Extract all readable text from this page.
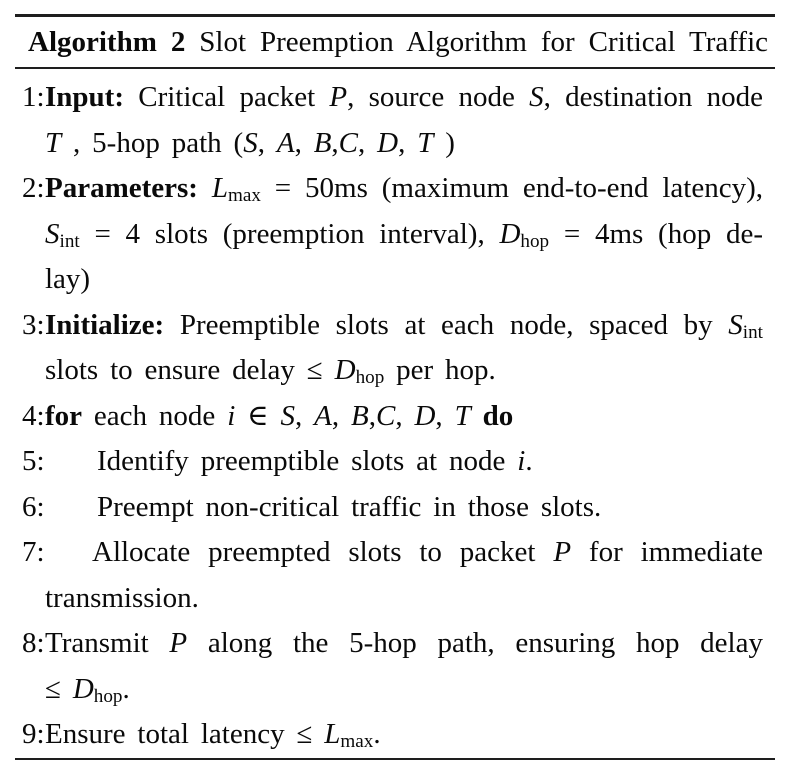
Algorithm 2 Slot Preemption Algorithm for Critical Traffic
1: Input: Critical packet P, source node S, destination node
T , 5-hop path (S, A, B,C, D, T )
2: Parameters: $L_{max} = 50ms$ (maximum end-to-end latency),
$S_{int} = 4$ slots (preemption interval), $D_{hop} = 4ms$ (hop de-
lay)
3: Initialize: Preemptible slots at each node, spaced by $S_{int}$
slots to ensure delay ≤ $D_{hop}$ per hop.
4: for each node i ∈ S, A, B,C, D, T do
5:	Identify preemptible slots at node i.
6:	Preempt non-critical traffic in those slots.
7:	Allocate preempted slots to packet P for immediate
transmission.
8: Transmit P along the 5-hop path, ensuring hop delay
≤ $D_{hop}$.
9: Ensure total latency ≤ $L_{max}$.
